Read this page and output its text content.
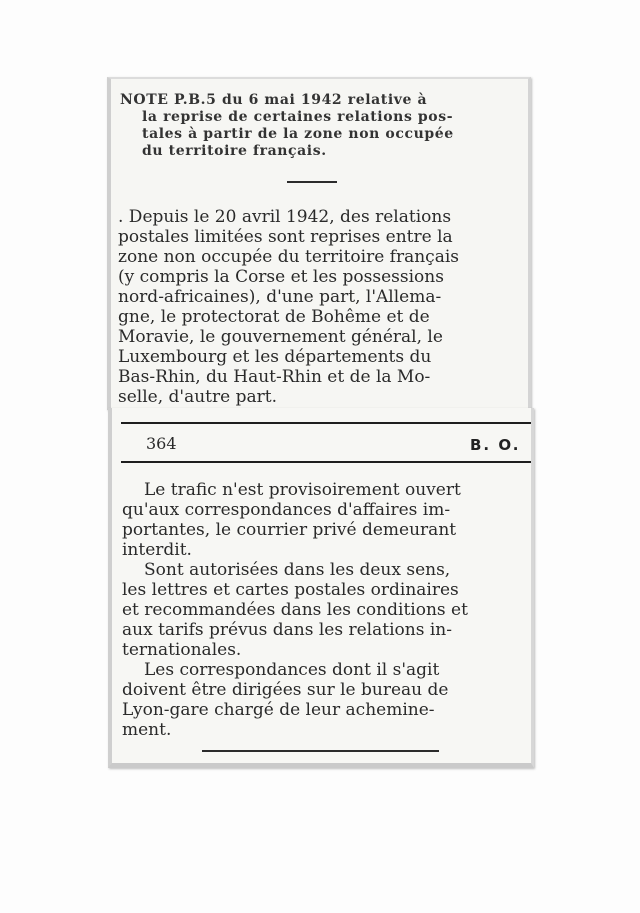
NOTE P.B.5 du 6 mai 1942 relative à
la reprise de certaines relations pos-
tales à partir de la zone non occupée
du territoire français.
. Depuis le 20 avril 1942, des relations
postales limitées sont reprises entre la
zone non occupée du territoire français
(y compris la Corse et les possessions
nord-africaines), d'une part, l'Allema-
gne, le protectorat de Bohême et de
Moravie, le gouvernement général, le
Luxembourg et les départements du
Bas-Rhin, du Haut-Rhin et de la Mo-
selle, d'autre part.
364	B. O.
Le trafic n'est provisoirement ouvert
qu'aux correspondances d'affaires im-
portantes, le courrier privé demeurant
interdit.
Sont autorisées dans les deux sens,
les lettres et cartes postales ordinaires
et recommandées dans les conditions et
aux tarifs prévus dans les relations in-
ternationales.
Les correspondances dont il s'agit
doivent être dirigées sur le bureau de
Lyon-gare chargé de leur achemine-
ment.
